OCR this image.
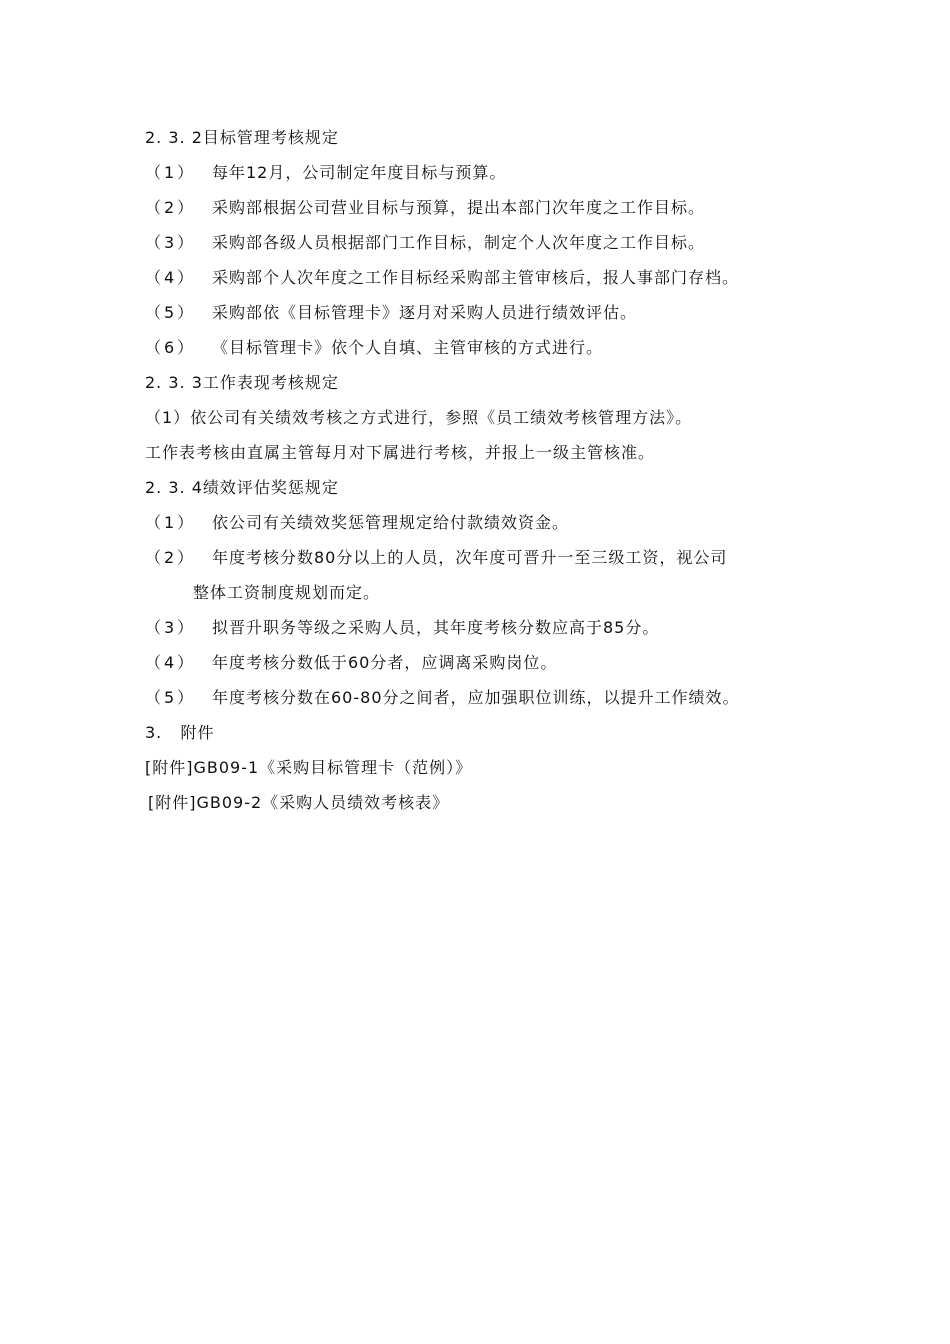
2. 3. 2目标管理考核规定
（1） 每年12月，公司制定年度目标与预算。
（2） 采购部根据公司营业目标与预算，提出本部门次年度之工作目标。
（3） 采购部各级人员根据部门工作目标，制定个人次年度之工作目标。
（4） 采购部个人次年度之工作目标经采购部主管审核后，报人事部门存档。
（5） 采购部依《目标管理卡》逐月对采购人员进行绩效评估。
（6） 《目标管理卡》依个人自填、主管审核的方式进行。
2. 3. 3工作表现考核规定
（1）依公司有关绩效考核之方式进行，参照《员工绩效考核管理方法》。
工作表考核由直属主管每月对下属进行考核，并报上一级主管核准。
2. 3. 4绩效评估奖惩规定
（1） 依公司有关绩效奖惩管理规定给付款绩效资金。
（2） 年度考核分数80分以上的人员，次年度可晋升一至三级工资，视公司
整体工资制度规划而定。
（3） 拟晋升职务等级之采购人员，其年度考核分数应高于85分。
（4） 年度考核分数低于60分者，应调离采购岗位。
（5） 年度考核分数在60-80分之间者，应加强职位训练，以提升工作绩效。
3.   附件
[附件]GB09-1《采购目标管理卡（范例）》
[附件]GB09-2《采购人员绩效考核表》
